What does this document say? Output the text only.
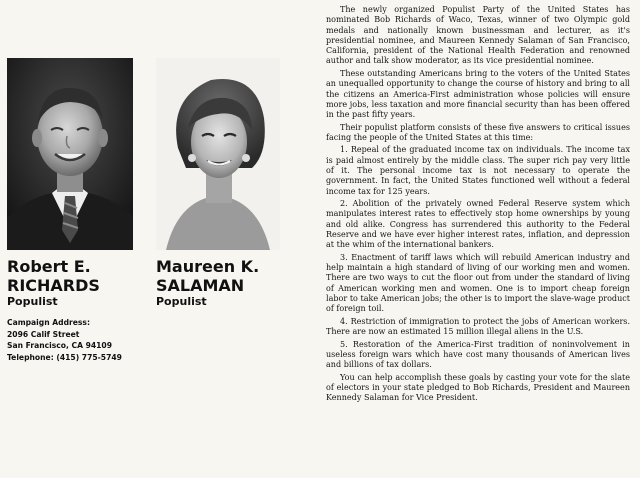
Robert E.
RICHARDS
Populist
Maureen K.
SALAMAN
Populist
Campaign Address:
2096 Calif Street
San Francisco, CA 94109
Telephone: (415) 775-5749

The newly organized Populist Party of the United States has nominated Bob Richards of Waco, Texas, winner of two Olympic gold medals and nationally known businessman and lecturer, as it's presidential nominee, and Maureen Kennedy Salaman of San Francisco, California, president of the National Health Federation and renowned author and talk show moderator, as its vice presidential nominee.

These outstanding Americans bring to the voters of the United States an unequalled opportunity to change the course of history and bring to all the citizens an America-First administration whose policies will ensure more jobs, less taxation and more financial security than has been offered in the past fifty years.

Their populist platform consists of these five answers to critical issues facing the people of the United States at this time:

1. Repeal of the graduated income tax on individuals. The income tax is paid almost entirely by the middle class. The super rich pay very little of it. The personal income tax is not necessary to operate the government. In fact, the United States functioned well without a federal income tax for 125 years.

2. Abolition of the privately owned Federal Reserve system which manipulates interest rates to effectively stop home ownerships by young and old alike. Congress has surrendered this authority to the Federal Reserve and we have ever higher interest rates, inflation, and depression at the whim of the international bankers.

3. Enactment of tariff laws which will rebuild American industry and help maintain a high standard of living of our working men and women. There are two ways to cut the floor out from under the standard of living of American working men and women. One is to import cheap foreign labor to take American jobs; the other is to import the slave-wage product of foreign toil.

4. Restriction of immigration to protect the jobs of American workers. There are now an estimated 15 million illegal aliens in the U.S.

5. Restoration of the America-First tradition of noninvolvement in useless foreign wars which have cost many thousands of American lives and billions of tax dollars.

You can help accomplish these goals by casting your vote for the slate of electors in your state pledged to Bob Richards, President and Maureen Kennedy Salaman for Vice President.
